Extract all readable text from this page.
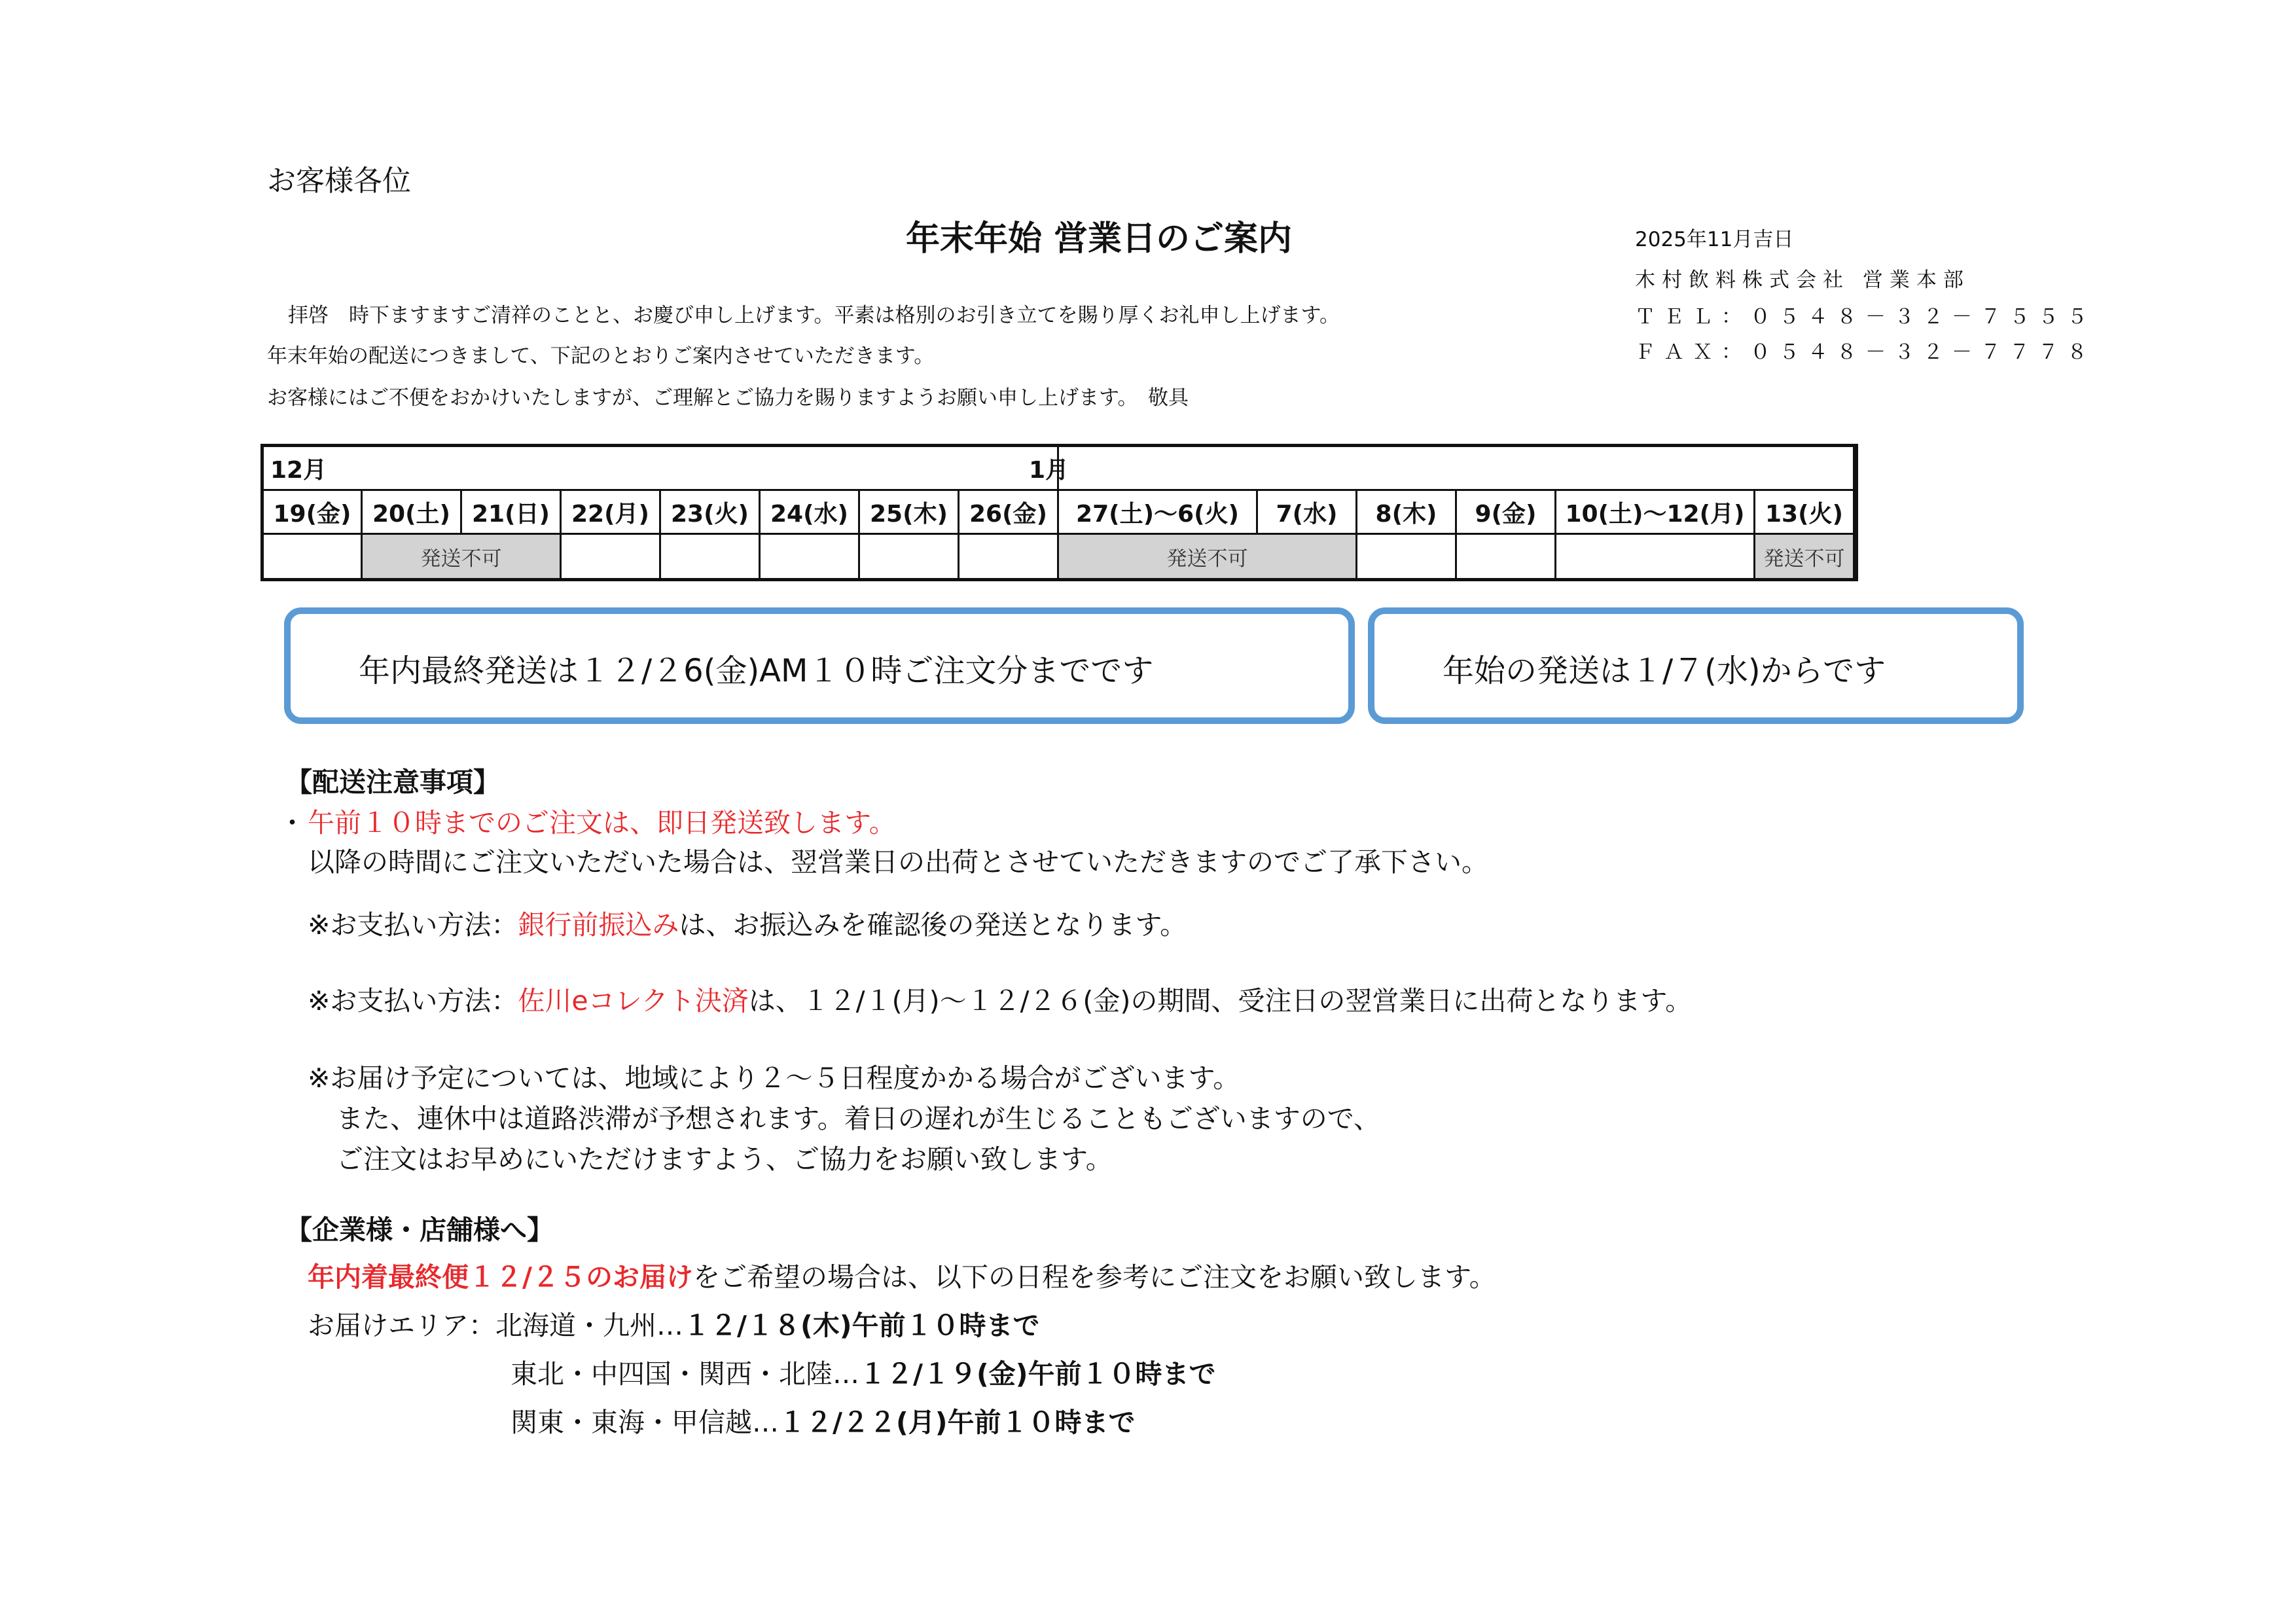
お客様各位
年末年始 営業日のご案内	2025年11月吉日
木村飲料株式会社 営業本部
ＴＥＬ：０５４８－３２－７５５５
ＦＡＸ：０５４８－３２－７７７８
拝啓　時下ますますご清祥のことと、お慶び申し上げます。平素は格別のお引き立てを賜り厚くお礼申し上げます。
年末年始の配送につきまして、下記のとおりご案内させていただきます。
お客様にはご不便をおかけいたしますが、ご理解とご協力を賜りますようお願い申し上げます。　敬具
12月								1月						
19(金)	20(土)	21(日)	22(月)	23(火)	24(水)	25(木)	26(金)	27(土)～6(火)	7(水)	8(木)	9(金)	10(土)～12(月)	13(火)	
	発送不可							発送不可					発送不可	
年内最終発送は１２/２6(金)AM１０時ご注文分までです	年始の発送は１/７(水)からです
【配送注意事項】
・ 午前１０時までのご注文は、即日発送致します。
以降の時間にご注文いただいた場合は、翌営業日の出荷とさせていただきますのでご了承下さい。
※お支払い方法：銀行前振込みは、お振込みを確認後の発送となります。
※お支払い方法：佐川eコレクト決済は、１２/１(月)～１２/２６(金)の期間、受注日の翌営業日に出荷となります。
※お届け予定については、地域により２～５日程度かかる場合がございます。
また、連休中は道路渋滞が予想されます。着日の遅れが生じることもございますので、
ご注文はお早めにいただけますよう、ご協力をお願い致します。
【企業様・店舗様へ】
年内着最終便１２/２５のお届けをご希望の場合は、以下の日程を参考にご注文をお願い致します。
お届けエリア：北海道・九州…１２/１８(木)午前１０時まで
東北・中四国・関西・北陸…１２/１９(金)午前１０時まで
関東・東海・甲信越…１２/２２(月)午前１０時まで
